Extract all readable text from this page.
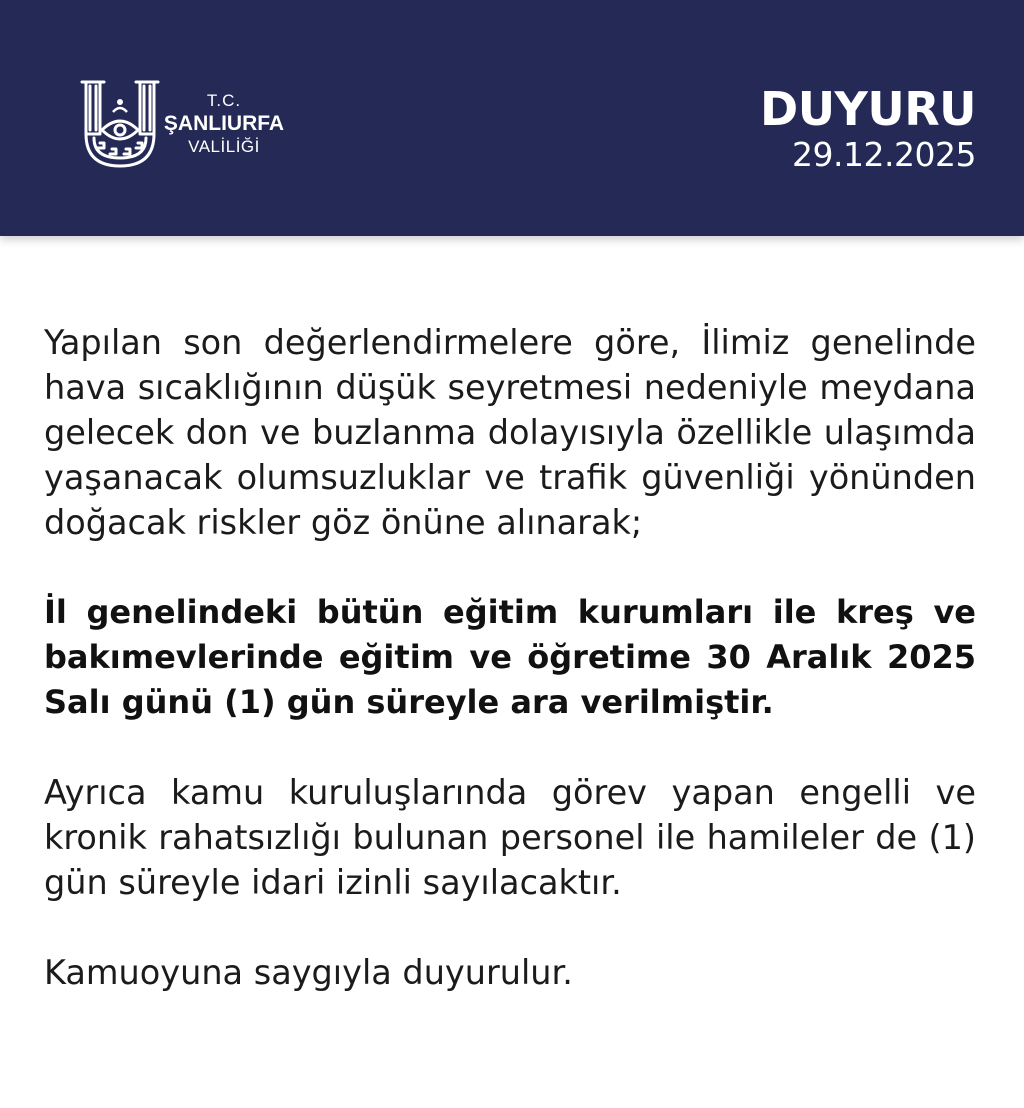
T.C.
ŞANLIURFA
VALİLİĞİ
DUYURU
29.12.2025

Yapılan son değerlendirmelere göre, İlimiz genelinde hava sıcaklığının düşük seyretmesi nedeniyle meydana gelecek don ve buzlanma dolayısıyla özellikle ulaşımda yaşanacak olumsuzluklar ve trafik güvenliği yönünden doğacak riskler göz önüne alınarak;

İl genelindeki bütün eğitim kurumları ile kreş ve bakımevlerinde eğitim ve öğretime 30 Aralık 2025 Salı günü (1) gün süreyle ara verilmiştir.

Ayrıca kamu kuruluşlarında görev yapan engelli ve kronik rahatsızlığı bulunan personel ile hamileler de (1) gün süreyle idari izinli sayılacaktır.

Kamuoyuna saygıyla duyurulur.
